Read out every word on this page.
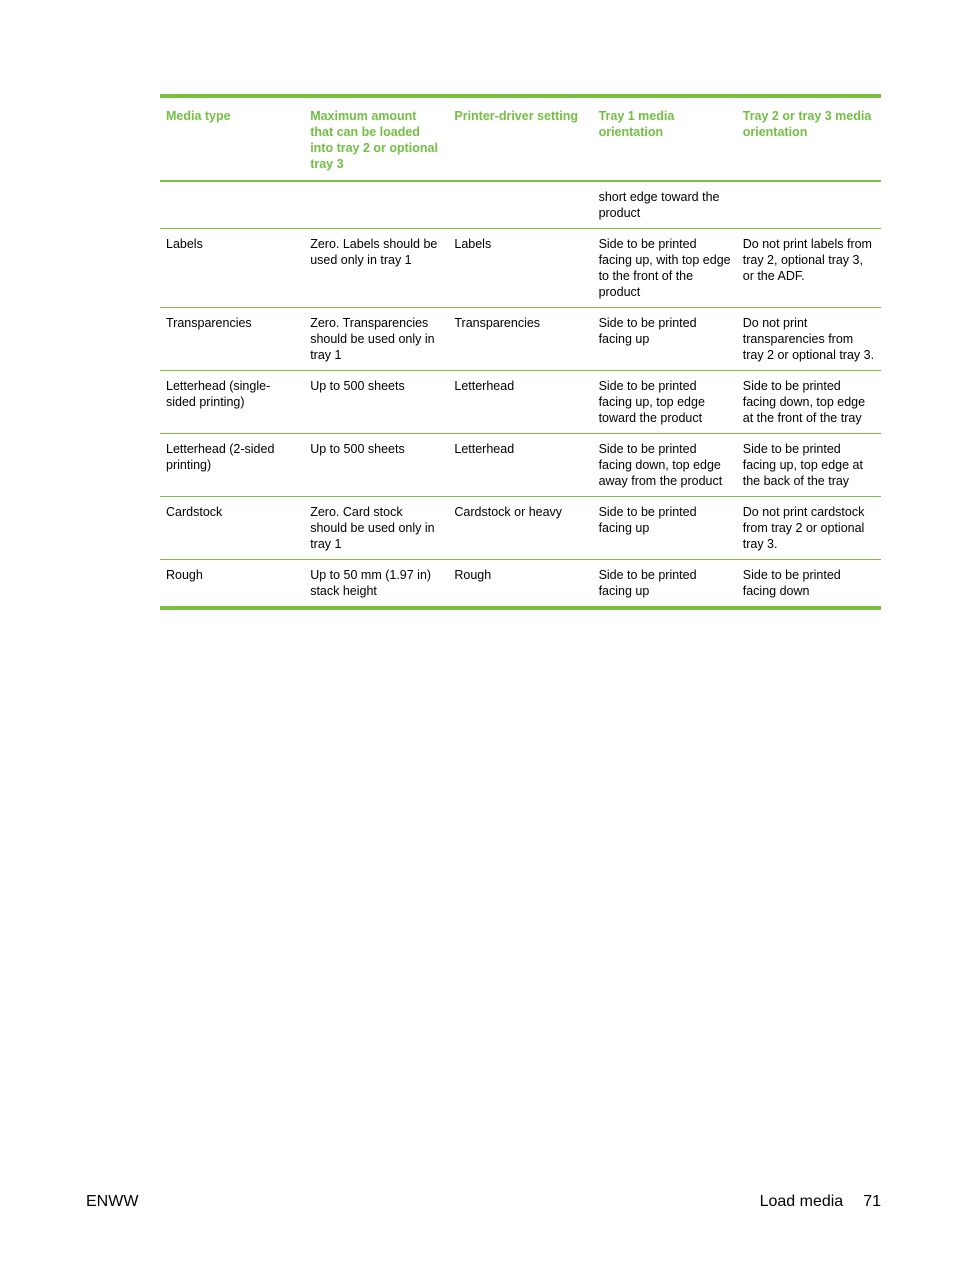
Media type	Maximum amount that can be loaded into tray 2 or optional tray 3	Printer-driver setting	Tray 1 media orientation	Tray 2 or tray 3 media orientation
			short edge toward the product	
Labels	Zero. Labels should be used only in tray 1	Labels	Side to be printed facing up, with top edge to the front of the product	Do not print labels from tray 2, optional tray 3, or the ADF.
Transparencies	Zero. Transparencies should be used only in tray 1	Transparencies	Side to be printed facing up	Do not print transparencies from tray 2 or optional tray 3.
Letterhead (single-sided printing)	Up to 500 sheets	Letterhead	Side to be printed facing up, top edge toward the product	Side to be printed facing down, top edge at the front of the tray
Letterhead (2-sided printing)	Up to 500 sheets	Letterhead	Side to be printed facing down, top edge away from the product	Side to be printed facing up, top edge at the back of the tray
Cardstock	Zero. Card stock should be used only in tray 1	Cardstock or heavy	Side to be printed facing up	Do not print cardstock from tray 2 or optional tray 3.
Rough	Up to 50 mm (1.97 in) stack height	Rough	Side to be printed facing up	Side to be printed facing down
ENWW	Load media 71
